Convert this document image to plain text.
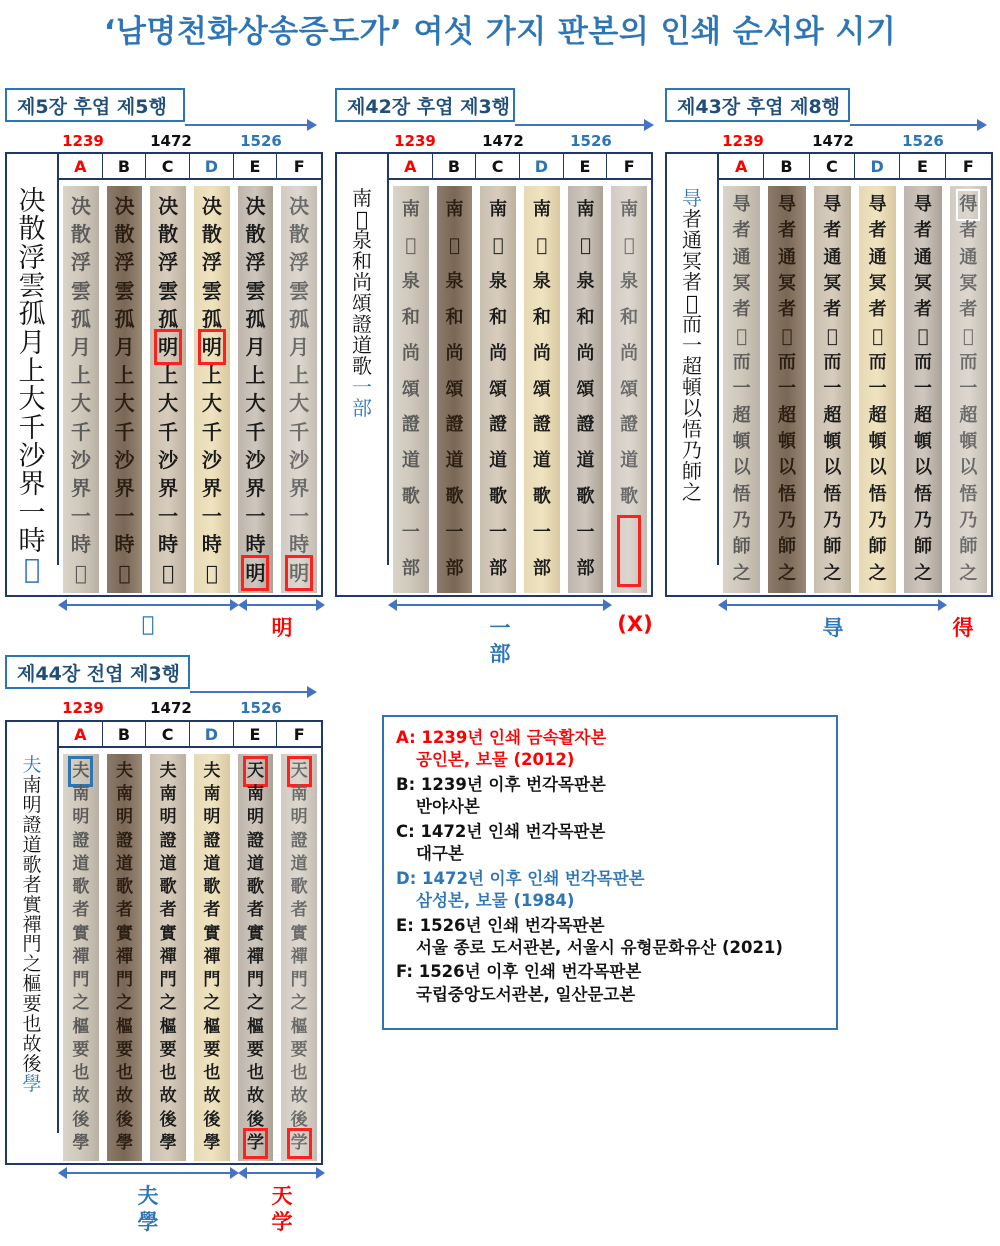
‘남명천화상송증도가’ 여섯 가지 판본의 인쇄 순서와 시기
제5장 후엽 제5행
1239	1472	1526
决
散
浮
雲
孤
月
上
大
千
沙
界
一
時
𣈆
A
决
散
浮
雲
孤
月
上
大
千
沙
界
一
時
𣈆
B
决
散
浮
雲
孤
月
上
大
千
沙
界
一
時
𣈆
C
决
散
浮
雲
孤
明
上
大
千
沙
界
一
時
𣈆
D
决
散
浮
雲
孤
明
上
大
千
沙
界
一
時
𣈆
E
决
散
浮
雲
孤
月
上
大
千
沙
界
一
時
明
F
决
散
浮
雲
孤
月
上
大
千
沙
界
一
時
明
𣈆	明
제42장 후엽 제3행
1239	1472	1526
南
𣈆
泉
和
尚
頌
證
道
歌
一
部
A
南
𣈆
泉
和
尚
頌
證
道
歌
一
部
B
南
𣈆
泉
和
尚
頌
證
道
歌
一
部
C
南
𣈆
泉
和
尚
頌
證
道
歌
一
部
D
南
𣈆
泉
和
尚
頌
證
道
歌
一
部
E
南
𣈆
泉
和
尚
頌
證
道
歌
一
部
F
南
𣈆
泉
和
尚
頌
證
道
歌
一
部
(X)
제43장 후엽 제8행
1239	1472	1526
㝵
者
通
冥
者
𣈆
而
一
超
頓
以
悟
乃
師
之
A
㝵
者
通
冥
者
𣈆
而
一
超
頓
以
悟
乃
師
之
B
㝵
者
通
冥
者
𣈆
而
一
超
頓
以
悟
乃
師
之
C
㝵
者
通
冥
者
𣈆
而
一
超
頓
以
悟
乃
師
之
D
㝵
者
通
冥
者
𣈆
而
一
超
頓
以
悟
乃
師
之
E
㝵
者
通
冥
者
𣈆
而
一
超
頓
以
悟
乃
師
之
F
得
者
通
冥
者
𣈆
而
一
超
頓
以
悟
乃
師
之
㝵	得
제44장 전엽 제3행
1239	1472	1526
夫
南
明
證
道
歌
者
實
禪
門
之
樞
要
也
故
後
學
A
夫
南
明
證
道
歌
者
實
禪
門
之
樞
要
也
故
後
學
B
夫
南
明
證
道
歌
者
實
禪
門
之
樞
要
也
故
後
學
C
夫
南
明
證
道
歌
者
實
禪
門
之
樞
要
也
故
後
學
D
夫
南
明
證
道
歌
者
實
禪
門
之
樞
要
也
故
後
學
E
天
南
明
證
道
歌
者
實
禪
門
之
樞
要
也
故
後
学
F
天
南
明
證
道
歌
者
實
禪
門
之
樞
要
也
故
後
学
夫
學
天
学
A: 1239년 인쇄 금속활자본
공인본, 보물 (2012)
B: 1239년 이후 번각목판본
반야사본
C: 1472년 인쇄 번각목판본
대구본
D: 1472년 이후 인쇄 번각목판본
삼성본, 보물 (1984)
E: 1526년 인쇄 번각목판본
서울 종로 도서관본, 서울시 유형문화유산 (2021)
F: 1526년 이후 인쇄 번각목판본
국립중앙도서관본, 일산문고본
